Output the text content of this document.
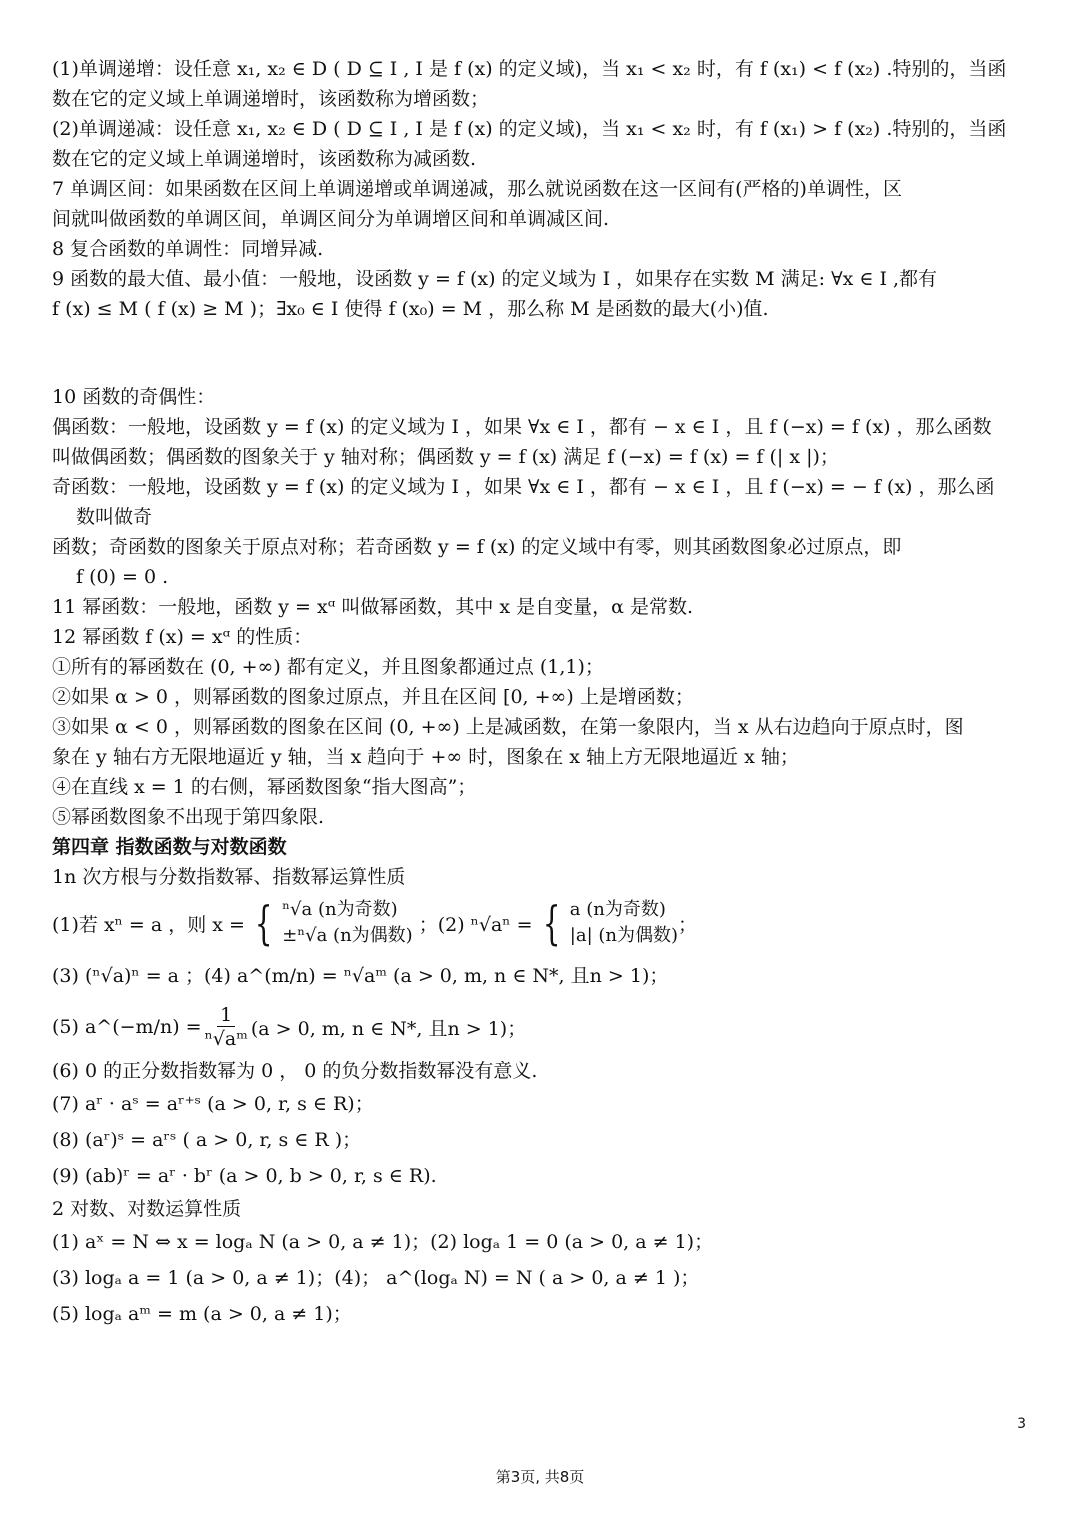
(1)单调递增：设任意 x₁, x₂ ∈ D ( D ⊆ I , I 是 f (x) 的定义域)，当 x₁ < x₂ 时，有 f (x₁) < f (x₂) .特别的，当函
数在它的定义域上单调递增时，该函数称为增函数；
(2)单调递减：设任意 x₁, x₂ ∈ D ( D ⊆ I , I 是 f (x) 的定义域)，当 x₁ < x₂ 时，有 f (x₁) > f (x₂) .特别的，当函
数在它的定义域上单调递增时，该函数称为减函数.
7 单调区间：如果函数在区间上单调递增或单调递减，那么就说函数在这一区间有(严格的)单调性，区
间就叫做函数的单调区间，单调区间分为单调增区间和单调减区间.
8 复合函数的单调性：同增异减.
9 函数的最大值、最小值：一般地，设函数 y = f (x) 的定义域为 I ，如果存在实数 M 满足: ∀x ∈ I ,都有
f (x) ≤ M ( f (x) ≥ M )；∃x₀ ∈ I 使得 f (x₀) = M ，那么称 M 是函数的最大(小)值.
10 函数的奇偶性：
偶函数：一般地，设函数 y = f (x) 的定义域为 I ，如果 ∀x ∈ I ，都有 − x ∈ I ，且 f (−x) = f (x) ，那么函数
叫做偶函数；偶函数的图象关于 y 轴对称；偶函数 y = f (x) 满足 f (−x) = f (x) = f (| x |)；
奇函数：一般地，设函数 y = f (x) 的定义域为 I ，如果 ∀x ∈ I ，都有 − x ∈ I ，且 f (−x) = − f (x) ，那么函
数叫做奇
函数；奇函数的图象关于原点对称；若奇函数 y = f (x) 的定义域中有零，则其函数图象必过原点，即
f (0) = 0 .
11 幂函数：一般地，函数 y = xᵅ 叫做幂函数，其中 x 是自变量，α 是常数.
12 幂函数 f (x) = xᵅ 的性质：
①所有的幂函数在 (0, +∞) 都有定义，并且图象都通过点 (1,1)；
②如果 α > 0 ，则幂函数的图象过原点，并且在区间 [0, +∞) 上是增函数；
③如果 α < 0 ，则幂函数的图象在区间 (0, +∞) 上是减函数，在第一象限内，当 x 从右边趋向于原点时，图
象在 y 轴右方无限地逼近 y 轴，当 x 趋向于 +∞ 时，图象在 x 轴上方无限地逼近 x 轴；
④在直线 x = 1 的右侧，幂函数图象“指大图高”；
⑤幂函数图象不出现于第四象限.
第四章 指数函数与对数函数
1n 次方根与分数指数幂、指数幂运算性质
(1)若 xⁿ = a ，则 x = { ⁿ√a (n为奇数)
±ⁿ√a (n为偶数) ；(2) ⁿ√aⁿ = { a (n为奇数)
|a| (n为偶数) ；
(3) (ⁿ√a)ⁿ = a ；(4) a^(m/n) = ⁿ√aᵐ (a > 0, m, n ∈ N*, 且n > 1)；
(5) a^(−m/n) = $\frac{1}{\text{ⁿ√aᵐ}} (a > 0$, m, n ∈ N*, 且n > 1)；
(6) 0 的正分数指数幂为 0 ， 0 的负分数指数幂没有意义.
(7) aʳ · aˢ = aʳ⁺ˢ (a > 0, r, s ∈ R)；
(8) (aʳ)ˢ = aʳˢ ( a > 0, r, s ∈ R )；
(9) (ab)ʳ = aʳ · bʳ (a > 0, b > 0, r, s ∈ R).
2 对数、对数运算性质
(1) aˣ = N ⇔ x = logₐ N (a > 0, a ≠ 1)；(2) logₐ 1 = 0 (a > 0, a ≠ 1)；
(3) logₐ a = 1 (a > 0, a ≠ 1)；(4)； a^(logₐ N) = N ( a > 0, a ≠ 1 )；
(5) logₐ aᵐ = m (a > 0, a ≠ 1)；
3
第3页, 共8页
